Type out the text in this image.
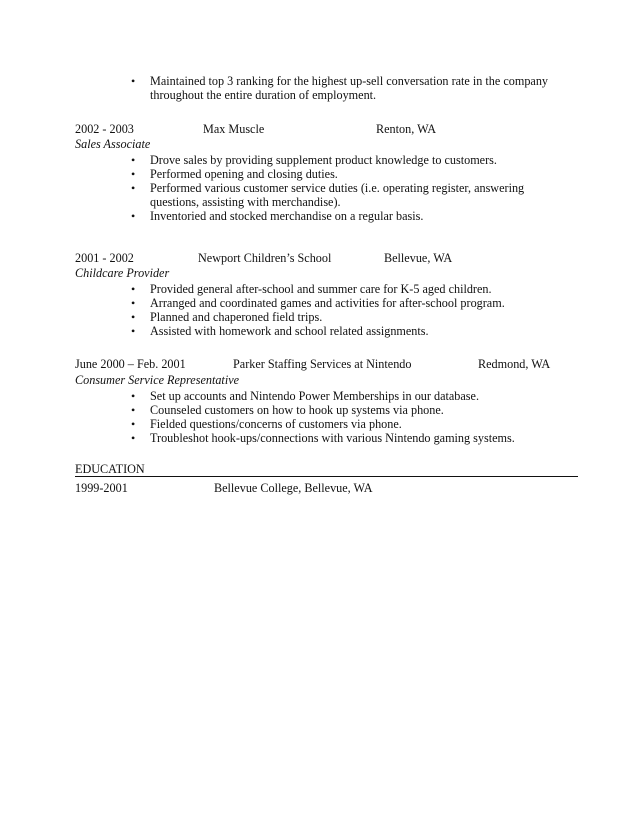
• Maintained top 3 ranking for the highest up-sell conversation rate in the company
throughout the entire duration of employment.
2002 - 2003	Max Muscle	Renton, WA
Sales Associate
• Drove sales by providing supplement product knowledge to customers.
• Performed opening and closing duties.
• Performed various customer service duties (i.e. operating register, answering
questions, assisting with merchandise).
• Inventoried and stocked merchandise on a regular basis.
2001 - 2002	Newport Children’s School	Bellevue, WA
Childcare Provider
• Provided general after-school and summer care for K-5 aged children.
• Arranged and coordinated games and activities for after-school program.
• Planned and chaperoned field trips.
• Assisted with homework and school related assignments.
June 2000 – Feb. 2001	Parker Staffing Services at Nintendo	Redmond, WA
Consumer Service Representative
• Set up accounts and Nintendo Power Memberships in our database.
• Counseled customers on how to hook up systems via phone.
• Fielded questions/concerns of customers via phone.
• Troubleshot hook-ups/connections with various Nintendo gaming systems.
EDUCATION
1999-2001	Bellevue College, Bellevue, WA
